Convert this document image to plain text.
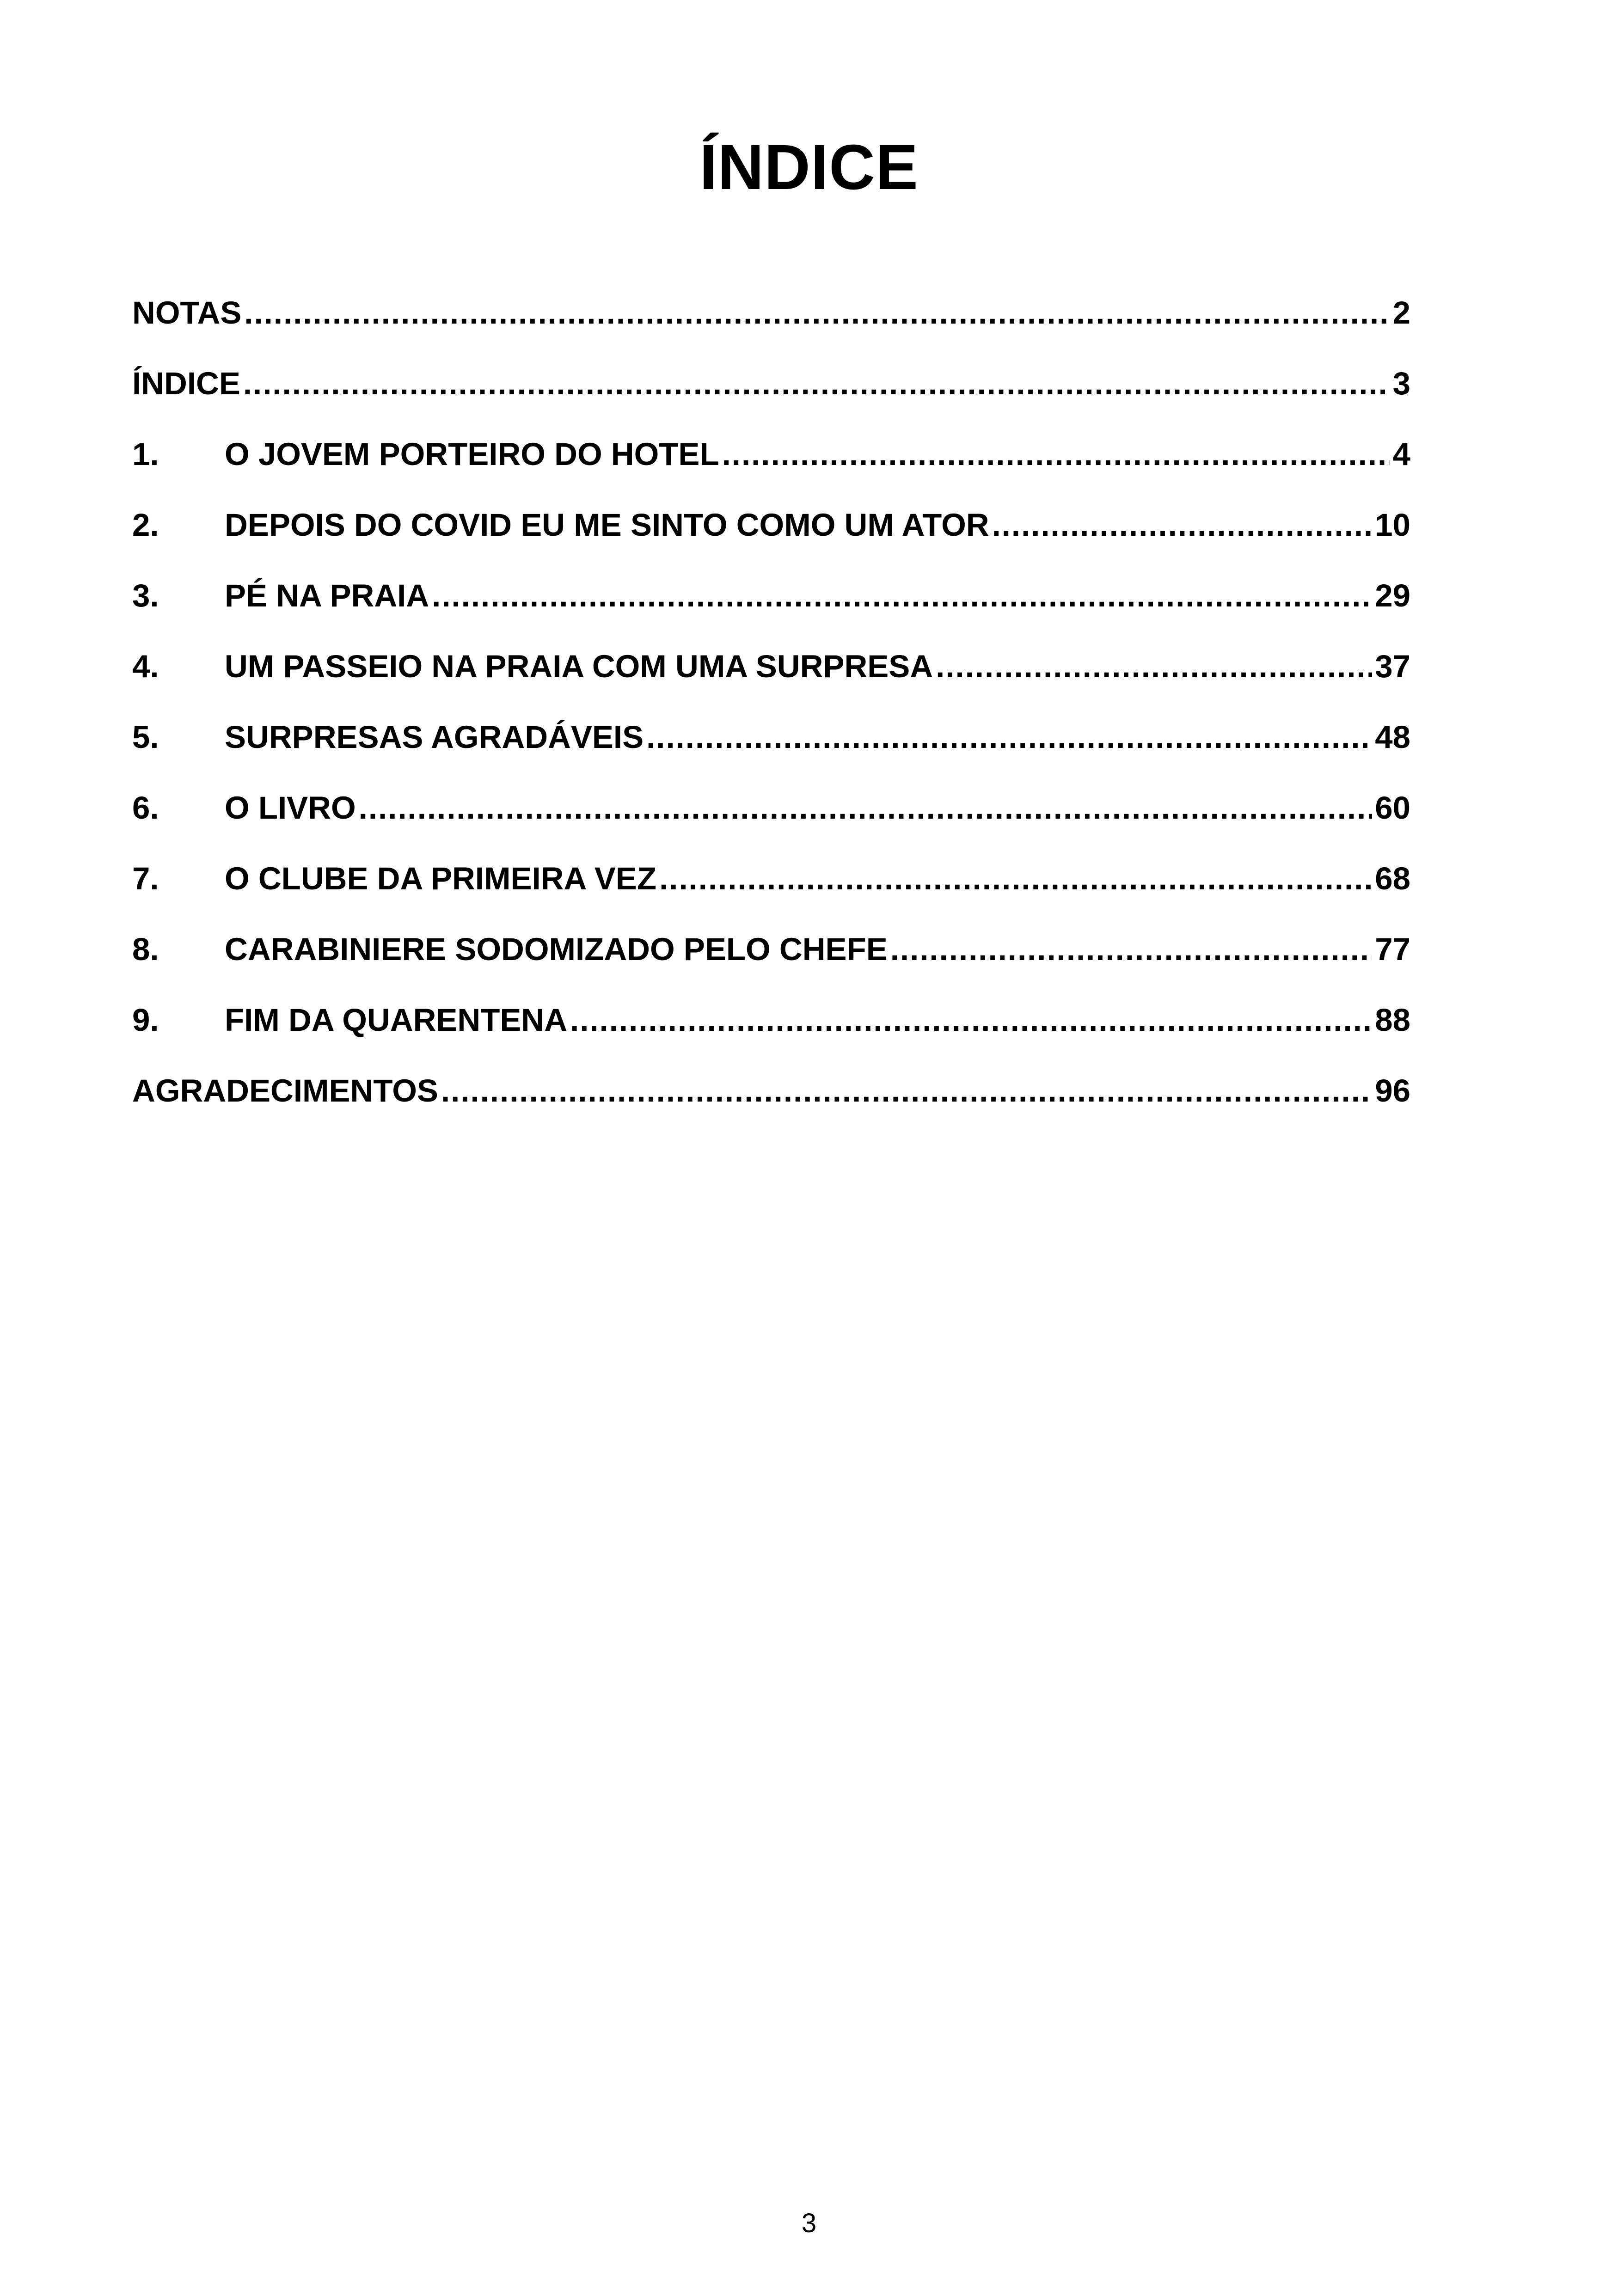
ÍNDICE
NOTAS .....	2
ÍNDICE .....	3
1.	O JOVEM PORTEIRO DO HOTEL .....	4
2.	DEPOIS DO COVID EU ME SINTO COMO UM ATOR .....	10
3.	PÉ NA PRAIA .....	29
4.	UM PASSEIO NA PRAIA COM UMA SURPRESA .....	37
5.	SURPRESAS AGRADÁVEIS .....	48
6.	O LIVRO .....	60
7.	O CLUBE DA PRIMEIRA VEZ .....	68
8.	CARABINIERE SODOMIZADO PELO CHEFE .....	77
9.	FIM DA QUARENTENA .....	88
AGRADECIMENTOS .....	96
3
